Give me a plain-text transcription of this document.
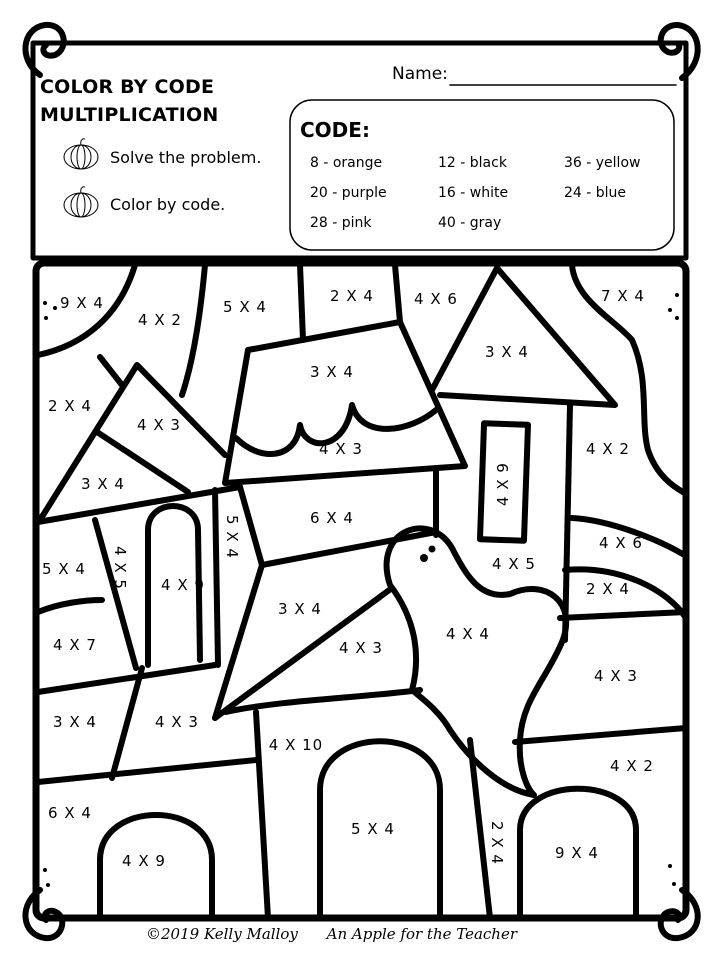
COLOR BY CODE
MULTIPLICATION
Name:
Solve the problem.
Color by code.
CODE:
8 - orange	12 - black	36 - yellow
20 - purple	16 - white	24 - blue
28 - pink	40 - gray
9 X 4
4 X 2
5 X 4
2 X 4	4 X 6	7 X 4
3 X 4
3 X 4
2 X 4
4 X 3
4 X 3	4 X 2
3 X 4	4 X 9
6 X 4
5 X 4
4 X 5 4 X 9
5 X 4
4 X 6
4 X 5
2 X 4
3 X 4
4 X 3
4 X 4
4 X 7
4 X 3
3 X 4	4 X 3
4 X 10
4 X 2
6 X 4
5 X 4	2 X 4	9 X 4
4 X 9
©2019 Kelly Malloy An Apple for the Teacher
